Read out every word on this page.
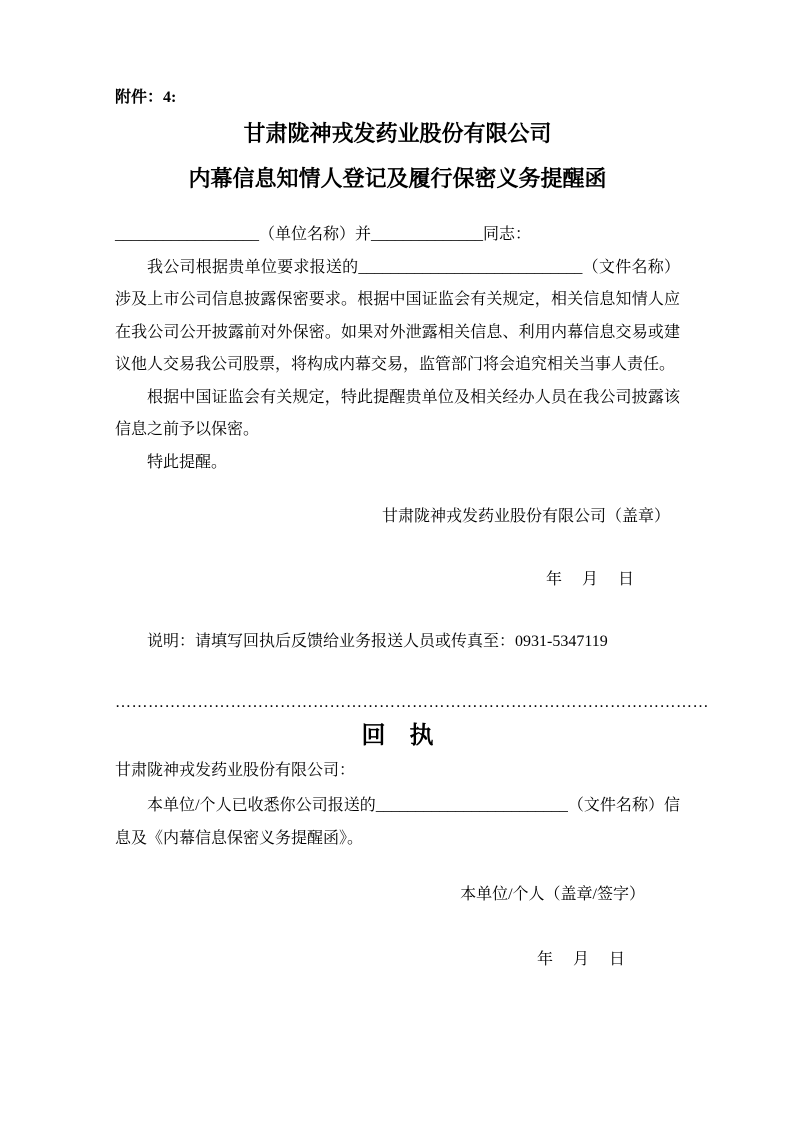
附件：4:

甘肃陇神戎发药业股份有限公司

内幕信息知情人登记及履行保密义务提醒函

__________________（单位名称）并______________同志：

我公司根据贵单位要求报送的____________________________（文件名称）涉及上市公司信息披露保密要求。根据中国证监会有关规定，相关信息知情人应在我公司公开披露前对外保密。如果对外泄露相关信息、利用内幕信息交易或建议他人交易我公司股票，将构成内幕交易，监管部门将会追究相关当事人责任。

根据中国证监会有关规定，特此提醒贵单位及相关经办人员在我公司披露该信息之前予以保密。

特此提醒。

甘肃陇神戎发药业股份有限公司（盖章）

年　 月　 日

说明：请填写回执后反馈给业务报送人员或传真至：0931-5347119

………………………………………………………………………………………………

回　执

甘肃陇神戎发药业股份有限公司：

本单位/个人已收悉你公司报送的________________________（文件名称）信息及《内幕信息保密义务提醒函》。

本单位/个人（盖章/签字）

年　 月　 日
